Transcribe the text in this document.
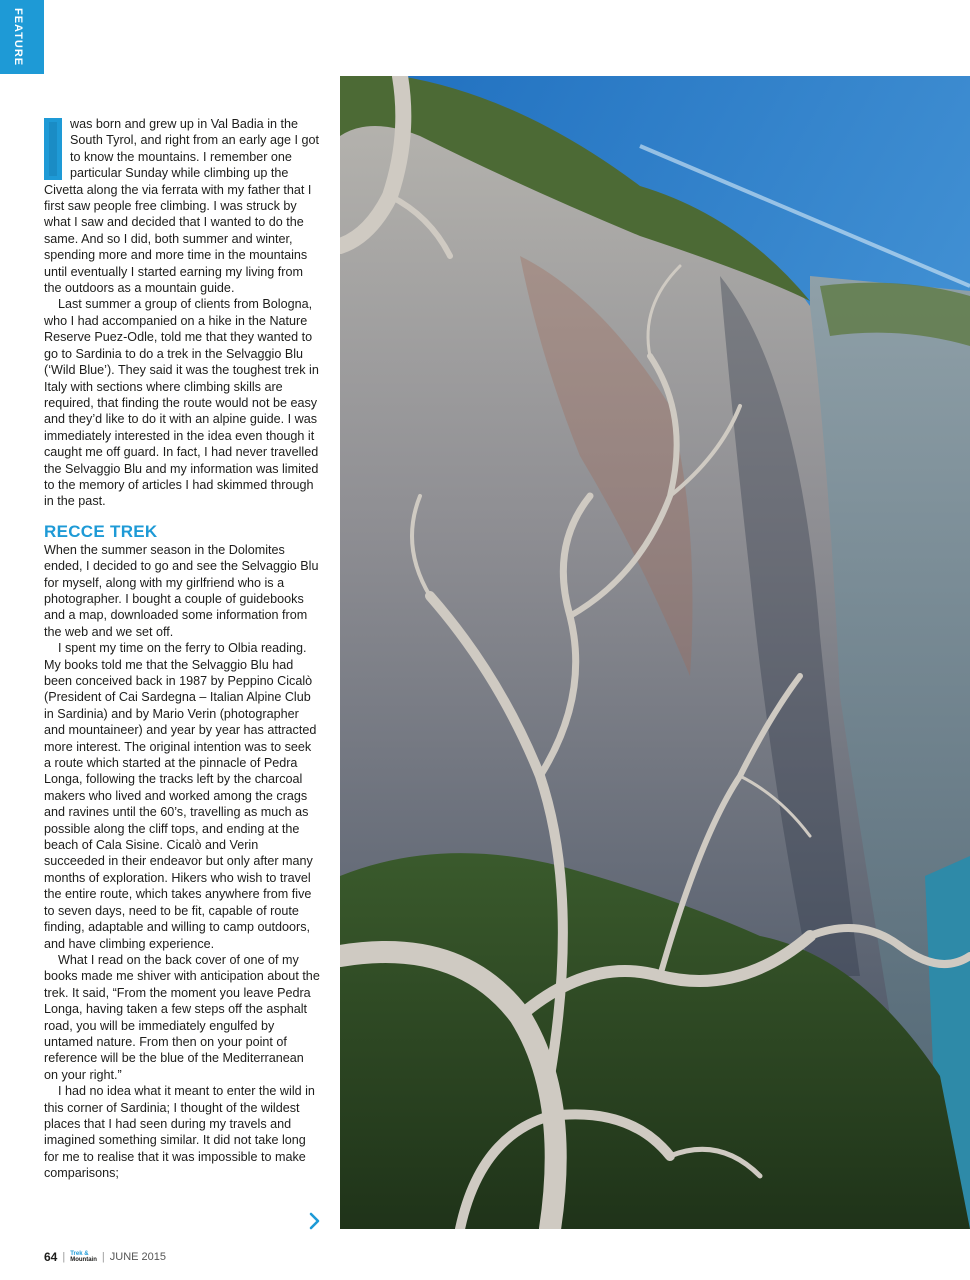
FEATURE

was born and grew up in Val Badia in the South Tyrol, and right from an early age I got to know the mountains. I remember one particular Sunday while climbing up the Civetta along the via ferrata with my father that I first saw people free climbing. I was struck by what I saw and decided that I wanted to do the same. And so I did, both summer and winter, spending more and more time in the mountains until eventually I started earning my living from the outdoors as a mountain guide.

Last summer a group of clients from Bologna, who I had accompanied on a hike in the Nature Reserve Puez-Odle, told me that they wanted to go to Sardinia to do a trek in the Selvaggio Blu (‘Wild Blue’). They said it was the toughest trek in Italy with sections where climbing skills are required, that finding the route would not be easy and they’d like to do it with an alpine guide. I was immediately interested in the idea even though it caught me off guard. In fact, I had never travelled the Selvaggio Blu and my information was limited to the memory of articles I had skimmed through in the past.

RECCE TREK

When the summer season in the Dolomites ended, I decided to go and see the Selvaggio Blu for myself, along with my girlfriend who is a photographer. I bought a couple of guidebooks and a map, downloaded some information from the web and we set off.

I spent my time on the ferry to Olbia reading. My books told me that the Selvaggio Blu had been conceived back in 1987 by Peppino Cicalò (President of Cai Sardegna – Italian Alpine Club in Sardinia) and by Mario Verin (photographer and mountaineer) and year by year has attracted more interest. The original intention was to seek a route which started at the pinnacle of Pedra Longa, following the tracks left by the charcoal makers who lived and worked among the crags and ravines until the 60’s, travelling as much as possible along the cliff tops, and ending at the beach of Cala Sisine. Cicalò and Verin succeeded in their endeavor but only after many months of exploration. Hikers who wish to travel the entire route, which takes anywhere from five to seven days, need to be fit, capable of route finding, adaptable and willing to camp outdoors, and have climbing experience.

What I read on the back cover of one of my books made me shiver with anticipation about the trek. It said, “From the moment you leave Pedra Longa, having taken a few steps off the asphalt road, you will be immediately engulfed by untamed nature. From then on your point of reference will be the blue of the Mediterranean on your right.”

I had no idea what it meant to enter the wild in this corner of Sardinia; I thought of the wildest places that I had seen during my travels and imagined something similar. It did not take long for me to realise that it was impossible to make comparisons;

64 | Trek &
Mountain | JUNE 2015
